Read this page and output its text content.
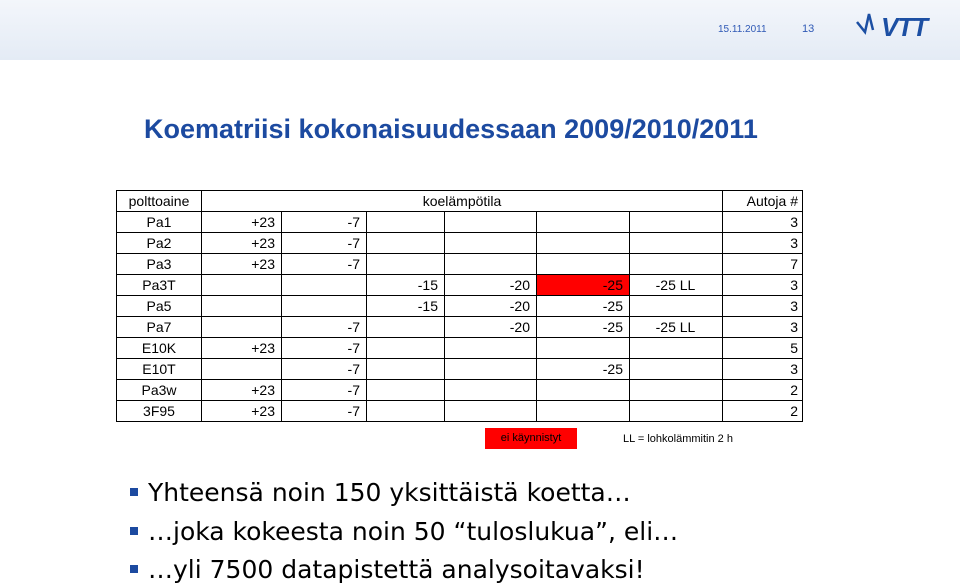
15.11.2011	13	VTT
Koematriisi kokonaisuudessaan 2009/2010/2011
polttoaine	koelämpötila						Autoja #
Pa1	+23	-7					3
Pa2	+23	-7					3
Pa3	+23	-7					7
Pa3T			-15	-20	-25	-25 LL	3
Pa5			-15	-20	-25		3
Pa7		-7		-20	-25	-25 LL	3
E10K	+23	-7					5
E10T		-7			-25		3
Pa3w	+23	-7					2
3F95	+23	-7					2
ei käynnistyt	LL = lohkolämmitin 2 h
Yhteensä noin 150 yksittäistä koetta…
…joka kokeesta noin 50 “tuloslukua”, eli…
…yli 7500 datapistettä analysoitavaksi!
